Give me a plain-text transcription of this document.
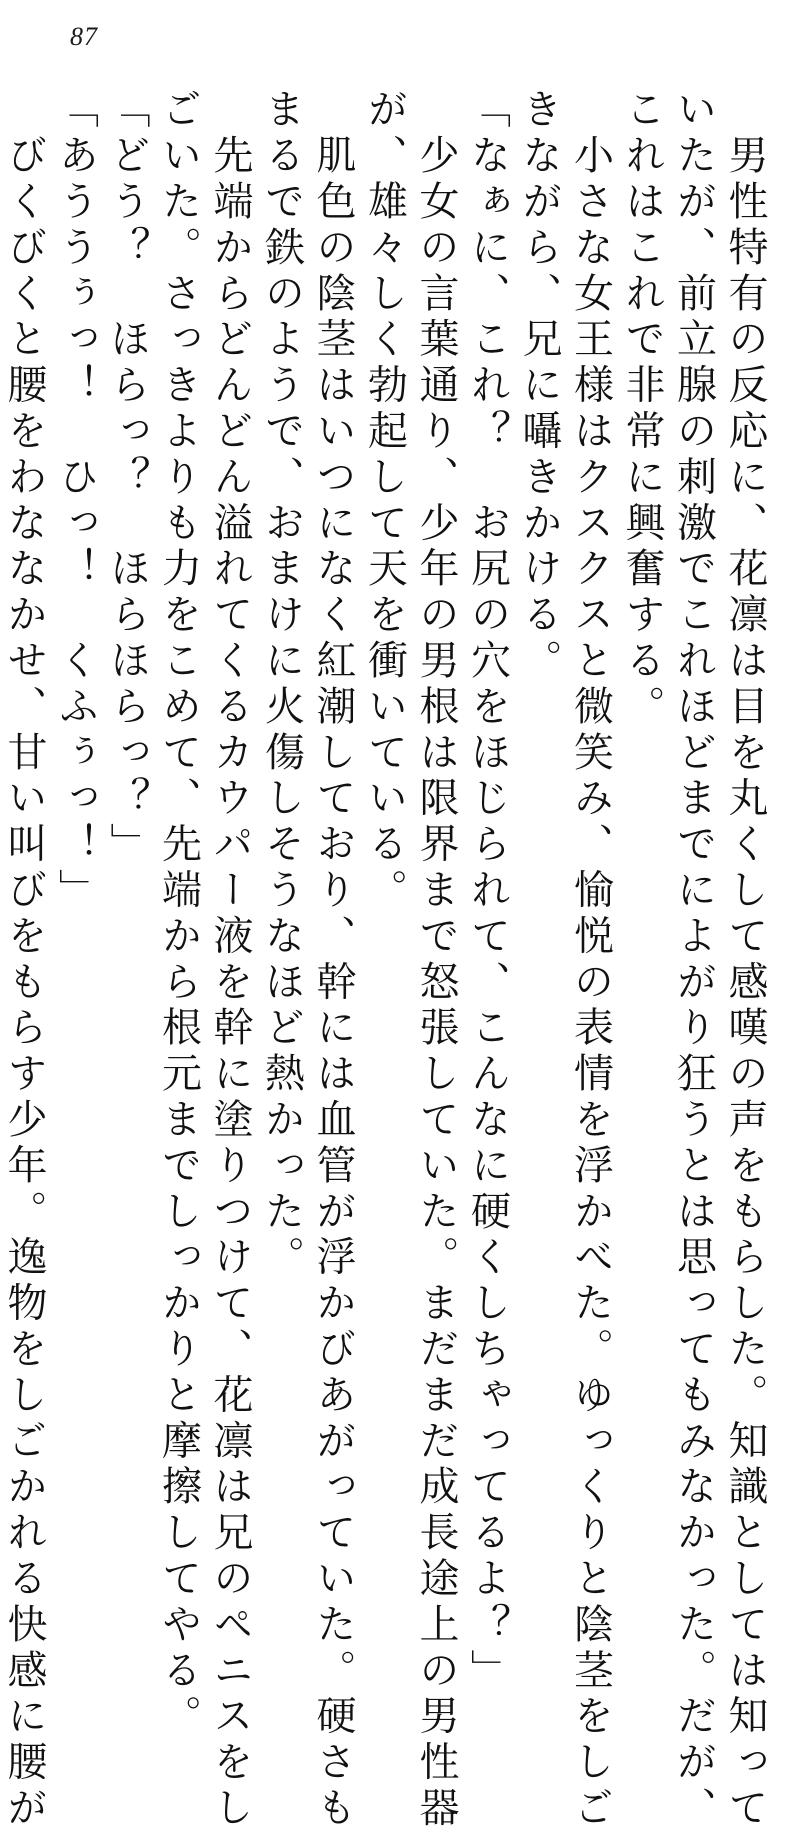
87
　男性特有の反応に、花凛は目を丸くして感嘆の声をもらした。知識としては知って
いたが、前立腺の刺激でこれほどまでによがり狂うとは思ってもみなかった。だが、
これはこれで非常に興奮する。
　小さな女王様はクスクスと微笑み、愉悦の表情を浮かべた。ゆっくりと陰茎をしご
きながら、兄に囁きかける。
「なぁに、これ？　お尻の穴をほじられて、こんなに硬くしちゃってるよ？」
　少女の言葉通り、少年の男根は限界まで怒張していた。まだまだ成長途上の男性器
が、雄々しく勃起して天を衝いている。
　肌色の陰茎はいつになく紅潮しており、幹には血管が浮かびあがっていた。硬さも
まるで鉄のようで、おまけに火傷しそうなほど熱かった。
　先端からどんどん溢れてくるカウパー液を幹に塗りつけて、花凛は兄のペニスをし
ごいた。さっきよりも力をこめて、先端から根元までしっかりと摩擦してやる。
「どう？　ほらっ？　ほらほらっ？」
「あううぅっ！　ひっ！　くふぅっ！」
　びくびくと腰をわななかせ、甘い叫びをもらす少年。逸物をしごかれる快感に腰が
